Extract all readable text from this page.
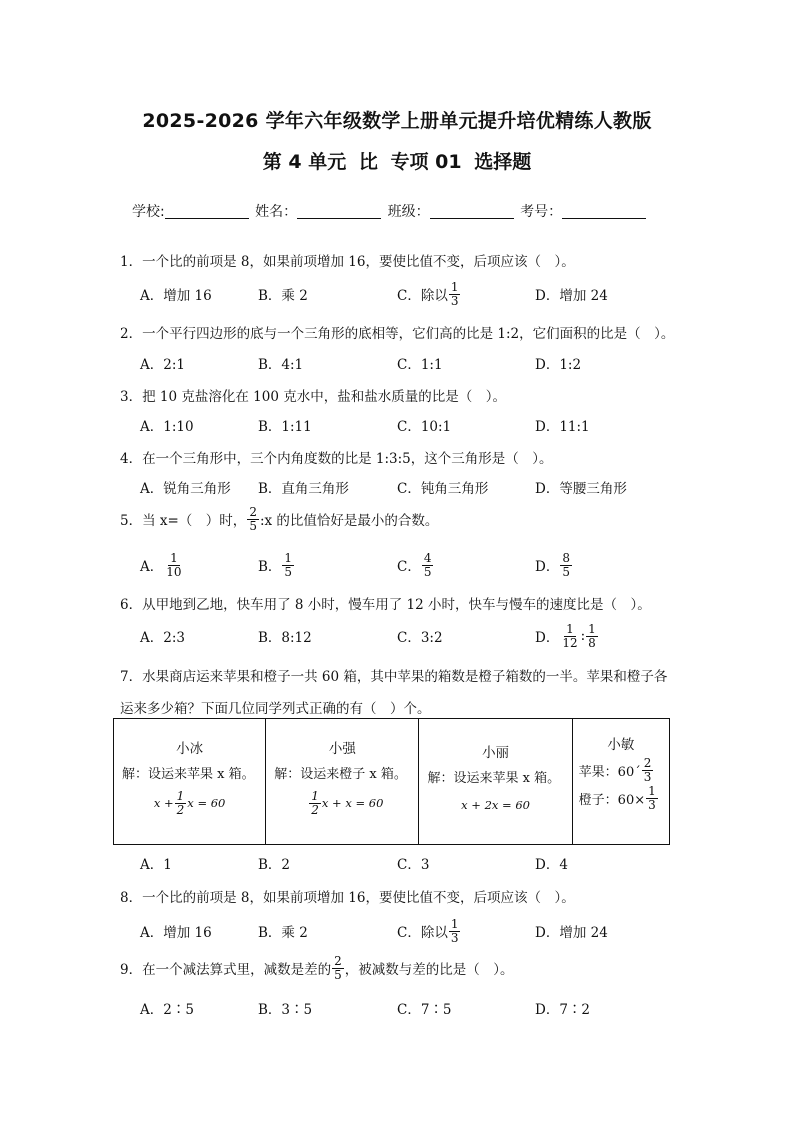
2025-2026 学年六年级数学上册单元提升培优精练人教版
第 4 单元 比 专项 01 选择题
学校:	姓名：	班级：	考号：
1．一个比的前项是 8，如果前项增加 16，要使比值不变，后项应该（　）。
A．增加 16	B．乘 2	C．除以 $\frac{1}{3}$	D．增加 24
2．一个平行四边形的底与一个三角形的底相等，它们高的比是 1:2，它们面积的比是（　）。
A．2:1	B．4:1	C．1:1	D．1:2
3．把 10 克盐溶化在 100 克水中，盐和盐水质量的比是（　）。
A．1:10	B．1:11	C．10:1	D．11:1
4．在一个三角形中，三个内角度数的比是 1:3:5，这个三角形是（　）。
A．锐角三角形 B．直角三角形	C．钝角三角形	D．等腰三角形
5．当 x=（　）时， $\frac{2}{5}$ :x 的比值恰好是最小的合数。
A． $\frac{1}{10}$	B． $\frac{1}{5}$	C． $\frac{4}{5}$	D． $\frac{8}{5}$
6．从甲地到乙地，快车用了 8 小时，慢车用了 12 小时，快车与慢车的速度比是（　）。
A．2:3	B．8:12	C．3:2	D． $\frac{1}{12}$ : $\frac{1}{8}$
7．水果商店运来苹果和橙子一共 60 箱，其中苹果的箱数是橙子箱数的一半。苹果和橙子各
运来多少箱？下面几位同学列式正确的有（　）个。
小冰
解：设运来苹果 x 箱。
$x + \frac{1}{2}$ x = 60

小强
解：设运来橙子 x 箱。
$\frac{1}{2}$ x + x = 60

小丽
解：设运来苹果 x 箱。
x + 2x = 60

小敏
苹果：60´ $\frac{2}{3}$
橙子：$60\times \frac{1}{3}$
A．1	B．2	C．3	D．4
8．一个比的前项是 8，如果前项增加 16，要使比值不变，后项应该（　）。
A．增加 16	B．乘 2	C．除以 $\frac{1}{3}$	D．增加 24
9．在一个减法算式里，减数是差的 $\frac{2}{5}$ ，被减数与差的比是（　）。
A．2∶5	B．3∶5	C．7∶5	D．7∶2
